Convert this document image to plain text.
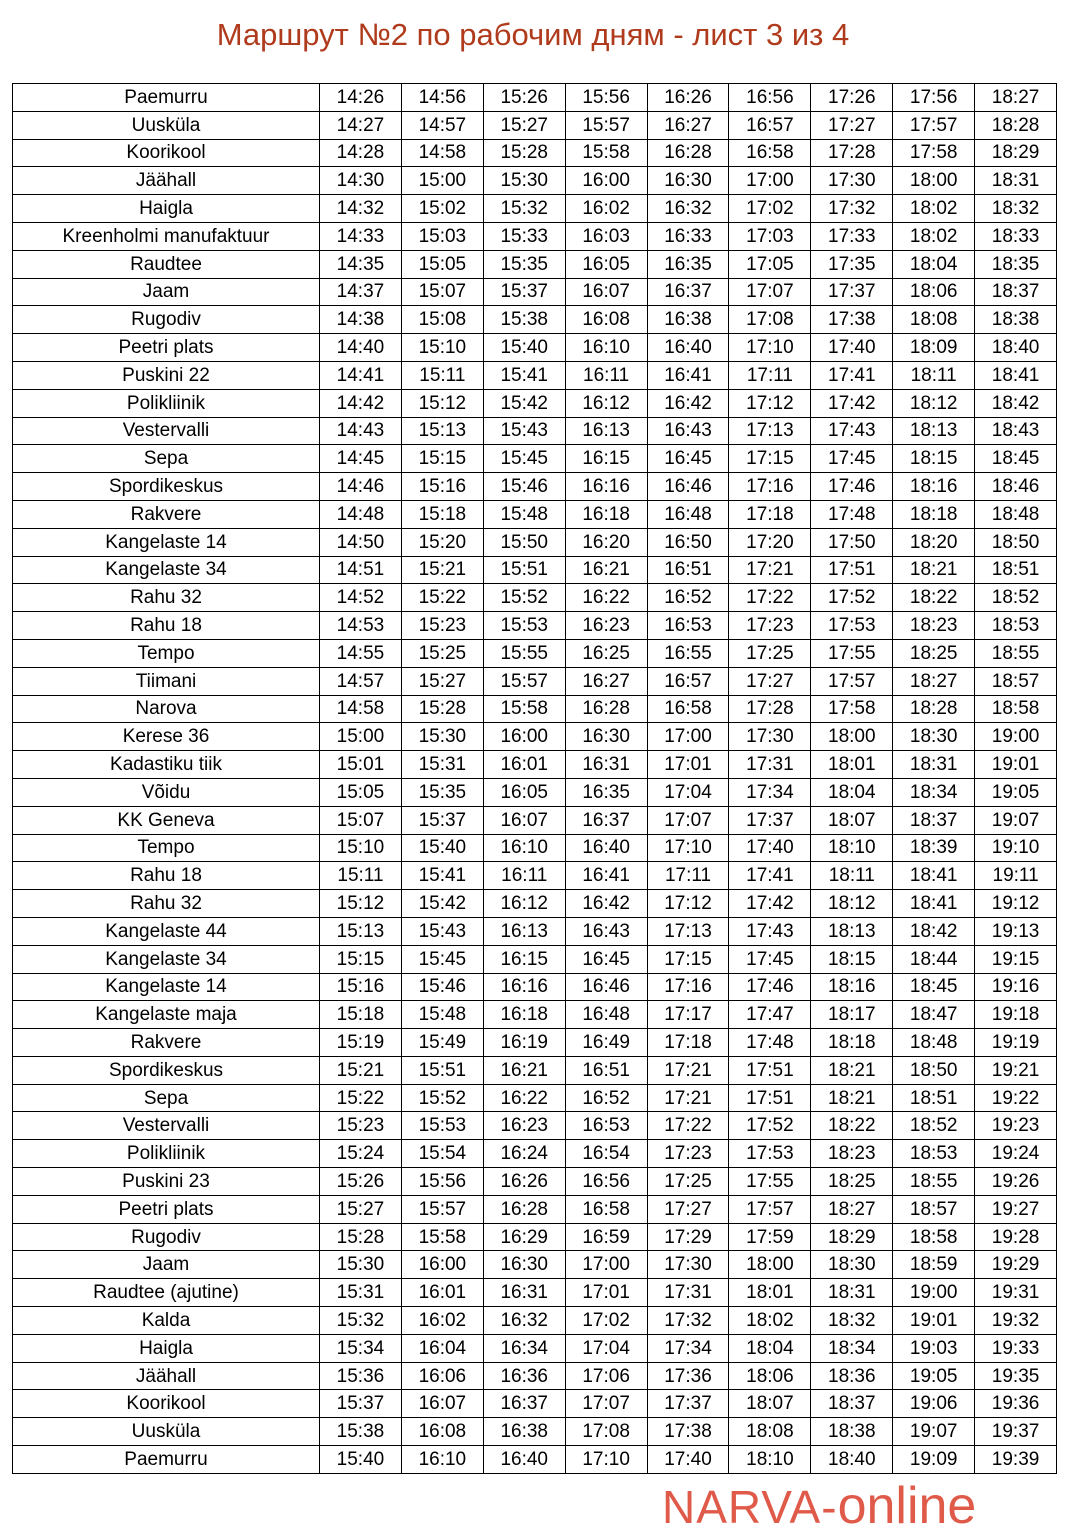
Маршрут №2 по рабочим дням - лист 3 из 4
Paemurru	14:26	14:56	15:26	15:56	16:26	16:56	17:26	17:56	18:27
Uusküla	14:27	14:57	15:27	15:57	16:27	16:57	17:27	17:57	18:28
Koorikool	14:28	14:58	15:28	15:58	16:28	16:58	17:28	17:58	18:29
Jäähall	14:30	15:00	15:30	16:00	16:30	17:00	17:30	18:00	18:31
Haigla	14:32	15:02	15:32	16:02	16:32	17:02	17:32	18:02	18:32
Kreenholmi manufaktuur	14:33	15:03	15:33	16:03	16:33	17:03	17:33	18:02	18:33
Raudtee	14:35	15:05	15:35	16:05	16:35	17:05	17:35	18:04	18:35
Jaam	14:37	15:07	15:37	16:07	16:37	17:07	17:37	18:06	18:37
Rugodiv	14:38	15:08	15:38	16:08	16:38	17:08	17:38	18:08	18:38
Peetri plats	14:40	15:10	15:40	16:10	16:40	17:10	17:40	18:09	18:40
Puskini 22	14:41	15:11	15:41	16:11	16:41	17:11	17:41	18:11	18:41
Polikliinik	14:42	15:12	15:42	16:12	16:42	17:12	17:42	18:12	18:42
Vestervalli	14:43	15:13	15:43	16:13	16:43	17:13	17:43	18:13	18:43
Sepa	14:45	15:15	15:45	16:15	16:45	17:15	17:45	18:15	18:45
Spordikeskus	14:46	15:16	15:46	16:16	16:46	17:16	17:46	18:16	18:46
Rakvere	14:48	15:18	15:48	16:18	16:48	17:18	17:48	18:18	18:48
Kangelaste 14	14:50	15:20	15:50	16:20	16:50	17:20	17:50	18:20	18:50
Kangelaste 34	14:51	15:21	15:51	16:21	16:51	17:21	17:51	18:21	18:51
Rahu 32	14:52	15:22	15:52	16:22	16:52	17:22	17:52	18:22	18:52
Rahu 18	14:53	15:23	15:53	16:23	16:53	17:23	17:53	18:23	18:53
Tempo	14:55	15:25	15:55	16:25	16:55	17:25	17:55	18:25	18:55
Tiimani	14:57	15:27	15:57	16:27	16:57	17:27	17:57	18:27	18:57
Narova	14:58	15:28	15:58	16:28	16:58	17:28	17:58	18:28	18:58
Kerese 36	15:00	15:30	16:00	16:30	17:00	17:30	18:00	18:30	19:00
Kadastiku tiik	15:01	15:31	16:01	16:31	17:01	17:31	18:01	18:31	19:01
Võidu	15:05	15:35	16:05	16:35	17:04	17:34	18:04	18:34	19:05
KK Geneva	15:07	15:37	16:07	16:37	17:07	17:37	18:07	18:37	19:07
Tempo	15:10	15:40	16:10	16:40	17:10	17:40	18:10	18:39	19:10
Rahu 18	15:11	15:41	16:11	16:41	17:11	17:41	18:11	18:41	19:11
Rahu 32	15:12	15:42	16:12	16:42	17:12	17:42	18:12	18:41	19:12
Kangelaste 44	15:13	15:43	16:13	16:43	17:13	17:43	18:13	18:42	19:13
Kangelaste 34	15:15	15:45	16:15	16:45	17:15	17:45	18:15	18:44	19:15
Kangelaste 14	15:16	15:46	16:16	16:46	17:16	17:46	18:16	18:45	19:16
Kangelaste maja	15:18	15:48	16:18	16:48	17:17	17:47	18:17	18:47	19:18
Rakvere	15:19	15:49	16:19	16:49	17:18	17:48	18:18	18:48	19:19
Spordikeskus	15:21	15:51	16:21	16:51	17:21	17:51	18:21	18:50	19:21
Sepa	15:22	15:52	16:22	16:52	17:21	17:51	18:21	18:51	19:22
Vestervalli	15:23	15:53	16:23	16:53	17:22	17:52	18:22	18:52	19:23
Polikliinik	15:24	15:54	16:24	16:54	17:23	17:53	18:23	18:53	19:24
Puskini 23	15:26	15:56	16:26	16:56	17:25	17:55	18:25	18:55	19:26
Peetri plats	15:27	15:57	16:28	16:58	17:27	17:57	18:27	18:57	19:27
Rugodiv	15:28	15:58	16:29	16:59	17:29	17:59	18:29	18:58	19:28
Jaam	15:30	16:00	16:30	17:00	17:30	18:00	18:30	18:59	19:29
Raudtee (ajutine)	15:31	16:01	16:31	17:01	17:31	18:01	18:31	19:00	19:31
Kalda	15:32	16:02	16:32	17:02	17:32	18:02	18:32	19:01	19:32
Haigla	15:34	16:04	16:34	17:04	17:34	18:04	18:34	19:03	19:33
Jäähall	15:36	16:06	16:36	17:06	17:36	18:06	18:36	19:05	19:35
Koorikool	15:37	16:07	16:37	17:07	17:37	18:07	18:37	19:06	19:36
Uusküla	15:38	16:08	16:38	17:08	17:38	18:08	18:38	19:07	19:37
Paemurru	15:40	16:10	16:40	17:10	17:40	18:10	18:40	19:09	19:39
NARVA-online
